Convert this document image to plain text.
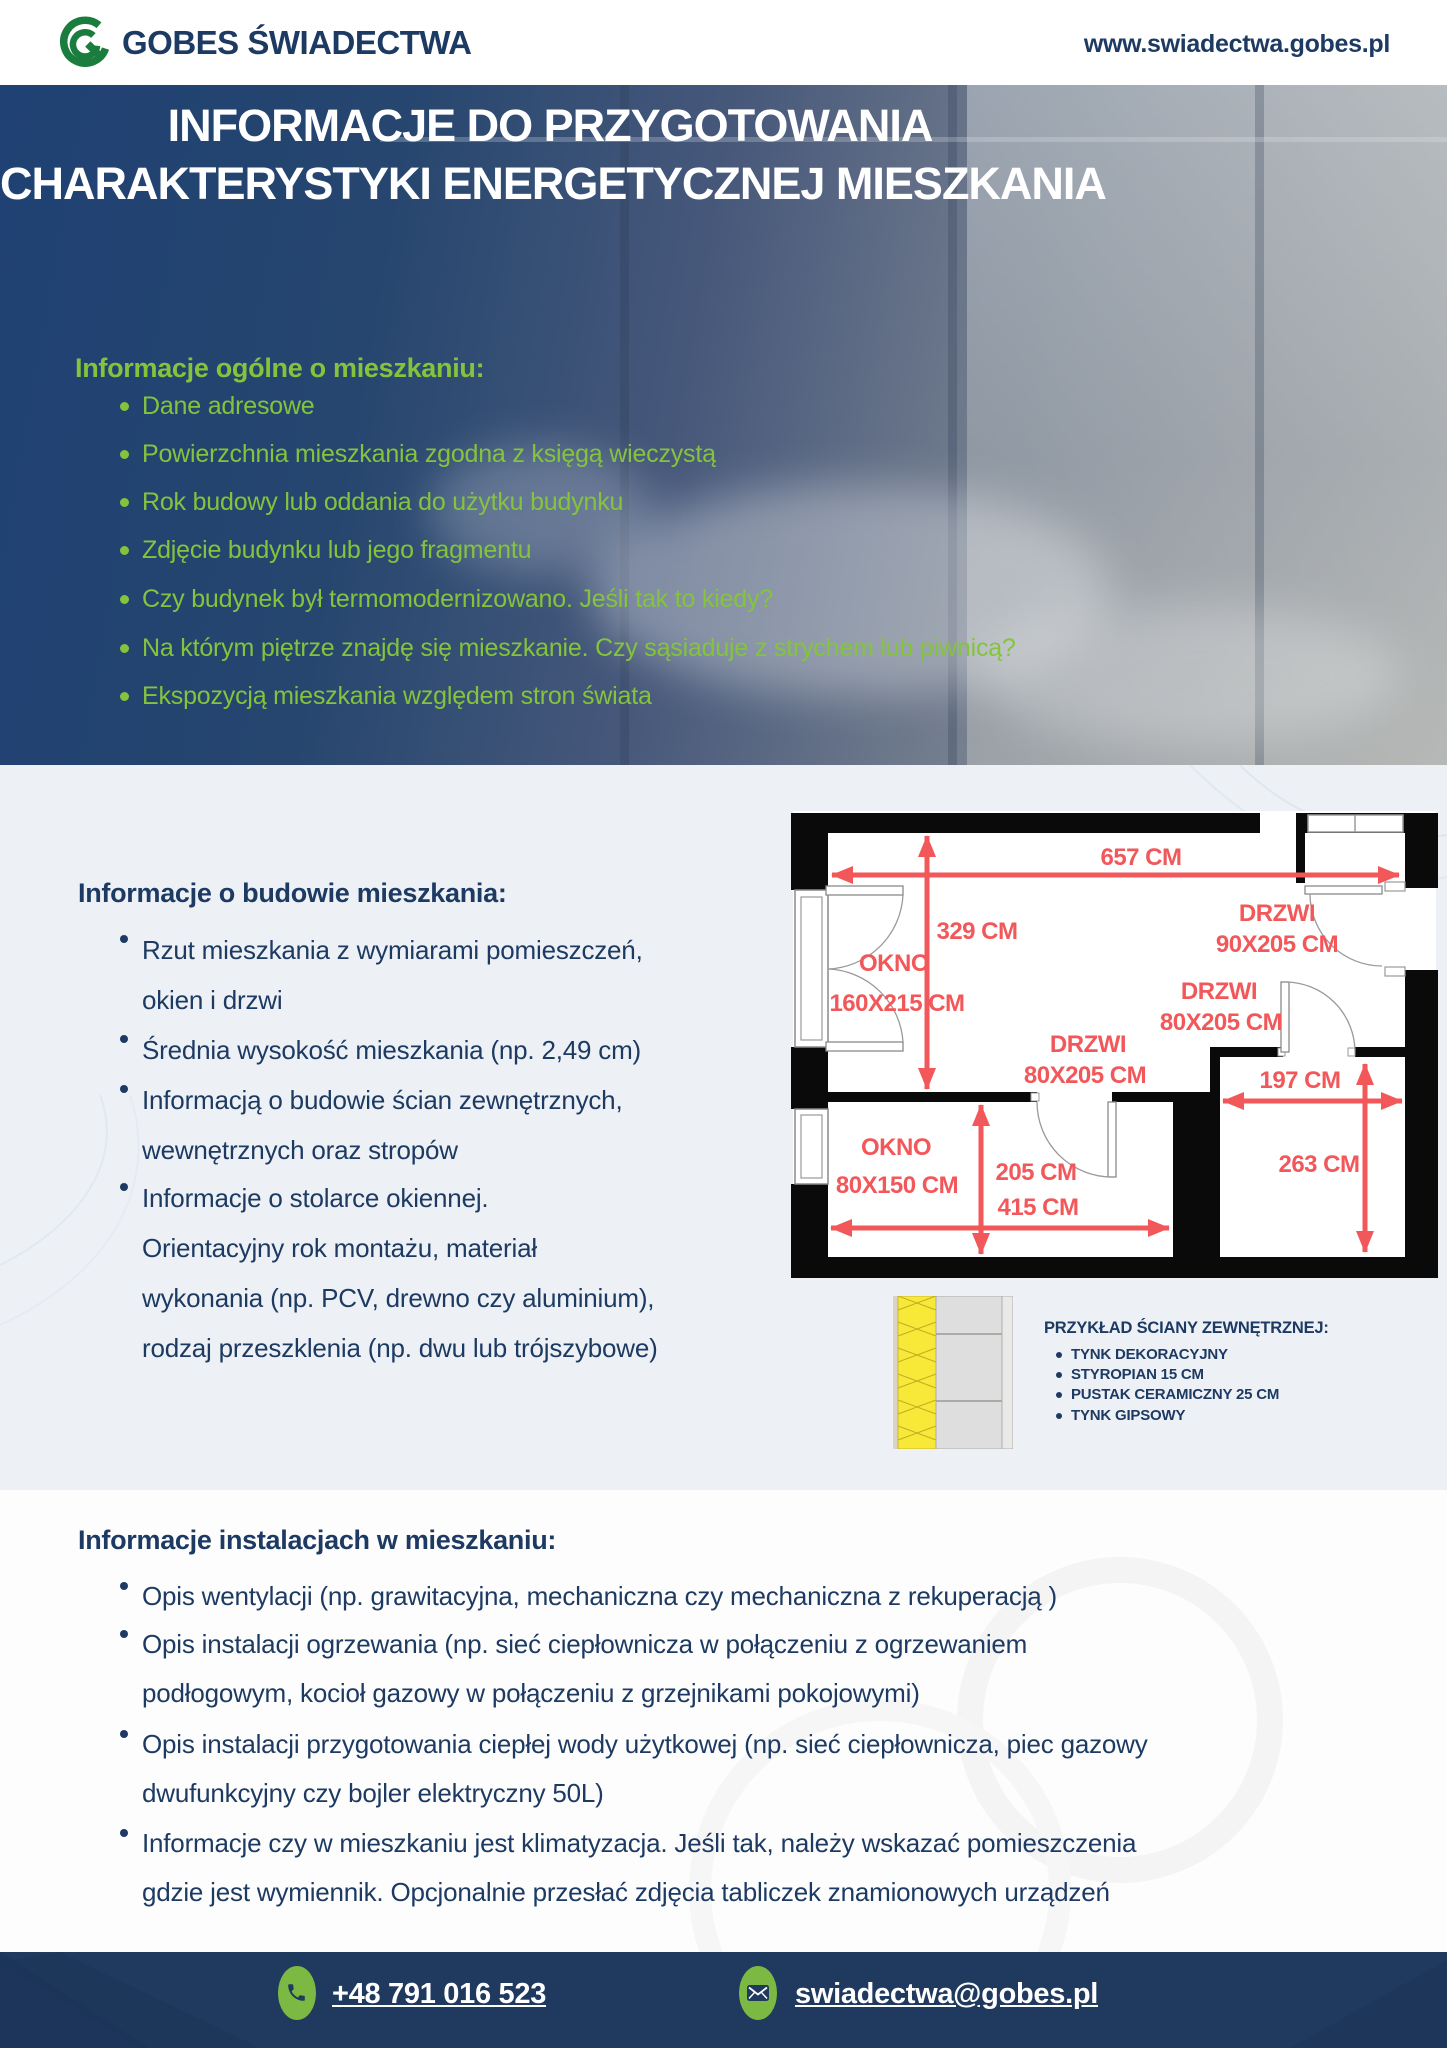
GOBES ŚWIADECTWA	www.swiadectwa.gobes.pl
INFORMACJE DO PRZYGOTOWANIA
CHARAKTERYSTYKI ENERGETYCZNEJ MIESZKANIA
Informacje ogólne o mieszkaniu:
Dane adresowe
Powierzchnia mieszkania zgodna z księgą wieczystą
Rok budowy lub oddania do użytku budynku
Zdjęcie budynku lub jego fragmentu
Czy budynek był termomodernizowano. Jeśli tak to kiedy?
Na którym piętrze znajdę się mieszkanie. Czy sąsiaduje z strychem lub piwnicą?
Ekspozycją mieszkania względem stron świata
Informacje o budowie mieszkania:
Rzut mieszkania z wymiarami pomieszczeń,
okien i drzwi
Średnia wysokość mieszkania (np. 2,49 cm)
Informacją o budowie ścian zewnętrznych,
wewnętrznych oraz stropów
Informacje o stolarce okiennej.
Orientacyjny rok montażu, materiał
wykonania (np. PCV, drewno czy aluminium),
rodzaj przeszklenia (np. dwu lub trójszybowe)
657 CM
329 CM
OKNO
160X215 CM
DRZWI
90X205 CM
DRZWI
80X205 CM
DRZWI
80X205 CM	197 CM
263 CM
OKNO
80X150 CM 205 CM
415 CM
PRZYKŁAD ŚCIANY ZEWNĘTRZNEJ:
TYNK DEKORACYJNY
STYROPIAN 15 CM
PUSTAK CERAMICZNY 25 CM
TYNK GIPSOWY
Informacje instalacjach w mieszkaniu:
Opis wentylacji (np. grawitacyjna, mechaniczna czy mechaniczna z rekuperacją )
Opis instalacji ogrzewania (np. sieć ciepłownicza w połączeniu z ogrzewaniem
podłogowym, kocioł gazowy w połączeniu z grzejnikami pokojowymi)
Opis instalacji przygotowania ciepłej wody użytkowej (np. sieć ciepłownicza, piec gazowy
dwufunkcyjny czy bojler elektryczny 50L)
Informacje czy w mieszkaniu jest klimatyzacja. Jeśli tak, należy wskazać pomieszczenia
gdzie jest wymiennik. Opcjonalnie przesłać zdjęcia tabliczek znamionowych urządzeń
+48 791 016 523	swiadectwa@gobes.pl
